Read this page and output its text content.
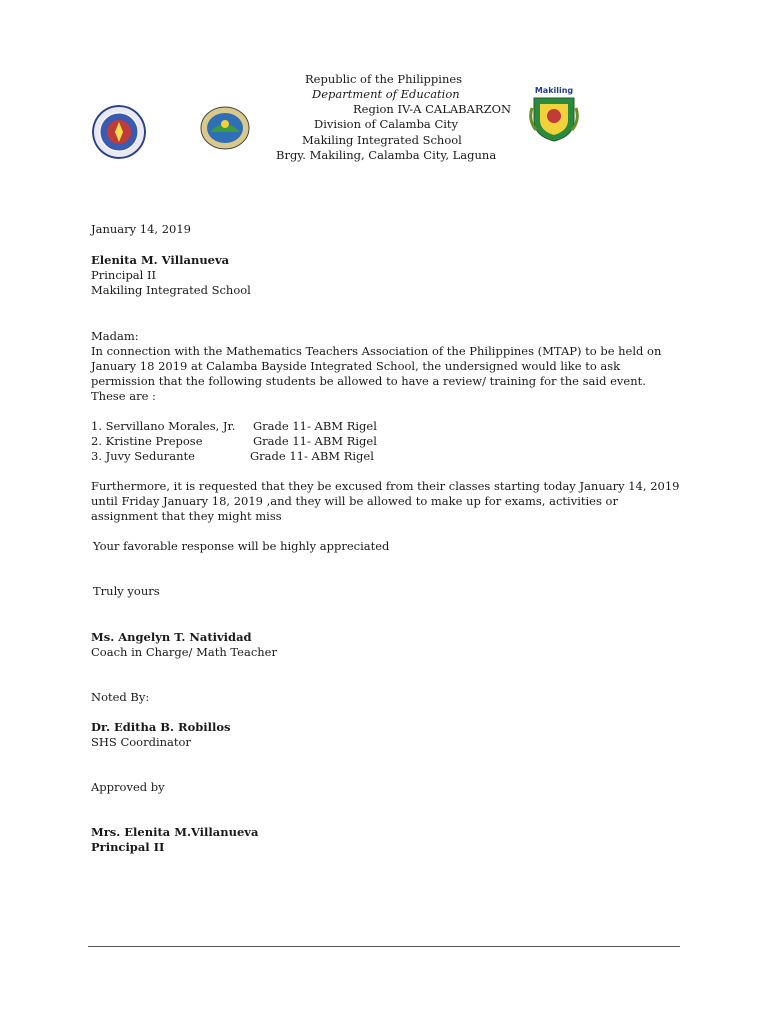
Makiling
Republic of the Philippines
Department of Education
Region IV-A CALABARZON
Division of Calamba City
Makiling Integrated School
Brgy. Makiling, Calamba City, Laguna
January 14, 2019
Elenita M. Villanueva
Principal II
Makiling Integrated School
Madam:
In connection with the Mathematics Teachers Association of the Philippines (MTAP) to be held on
January 18 2019 at Calamba Bayside Integrated School, the undersigned would like to ask
permission that the following students be allowed to have a review/ training for the said event.
These are :
1. Servillano Morales, Jr. Grade 11- ABM Rigel
2. Kristine Prepose	Grade 11- ABM Rigel
3. Juvy Sedurante	Grade 11- ABM Rigel
Furthermore, it is requested that they be excused from their classes starting today January 14, 2019
until Friday January 18, 2019 ,and they will be allowed to make up for exams, activities or
assignment that they might miss
Your favorable response will be highly appreciated
Truly yours
Ms. Angelyn T. Natividad
Coach in Charge/ Math Teacher
Noted By:
Dr. Editha B. Robillos
SHS Coordinator
Approved by
Mrs. Elenita M.Villanueva
Principal II
